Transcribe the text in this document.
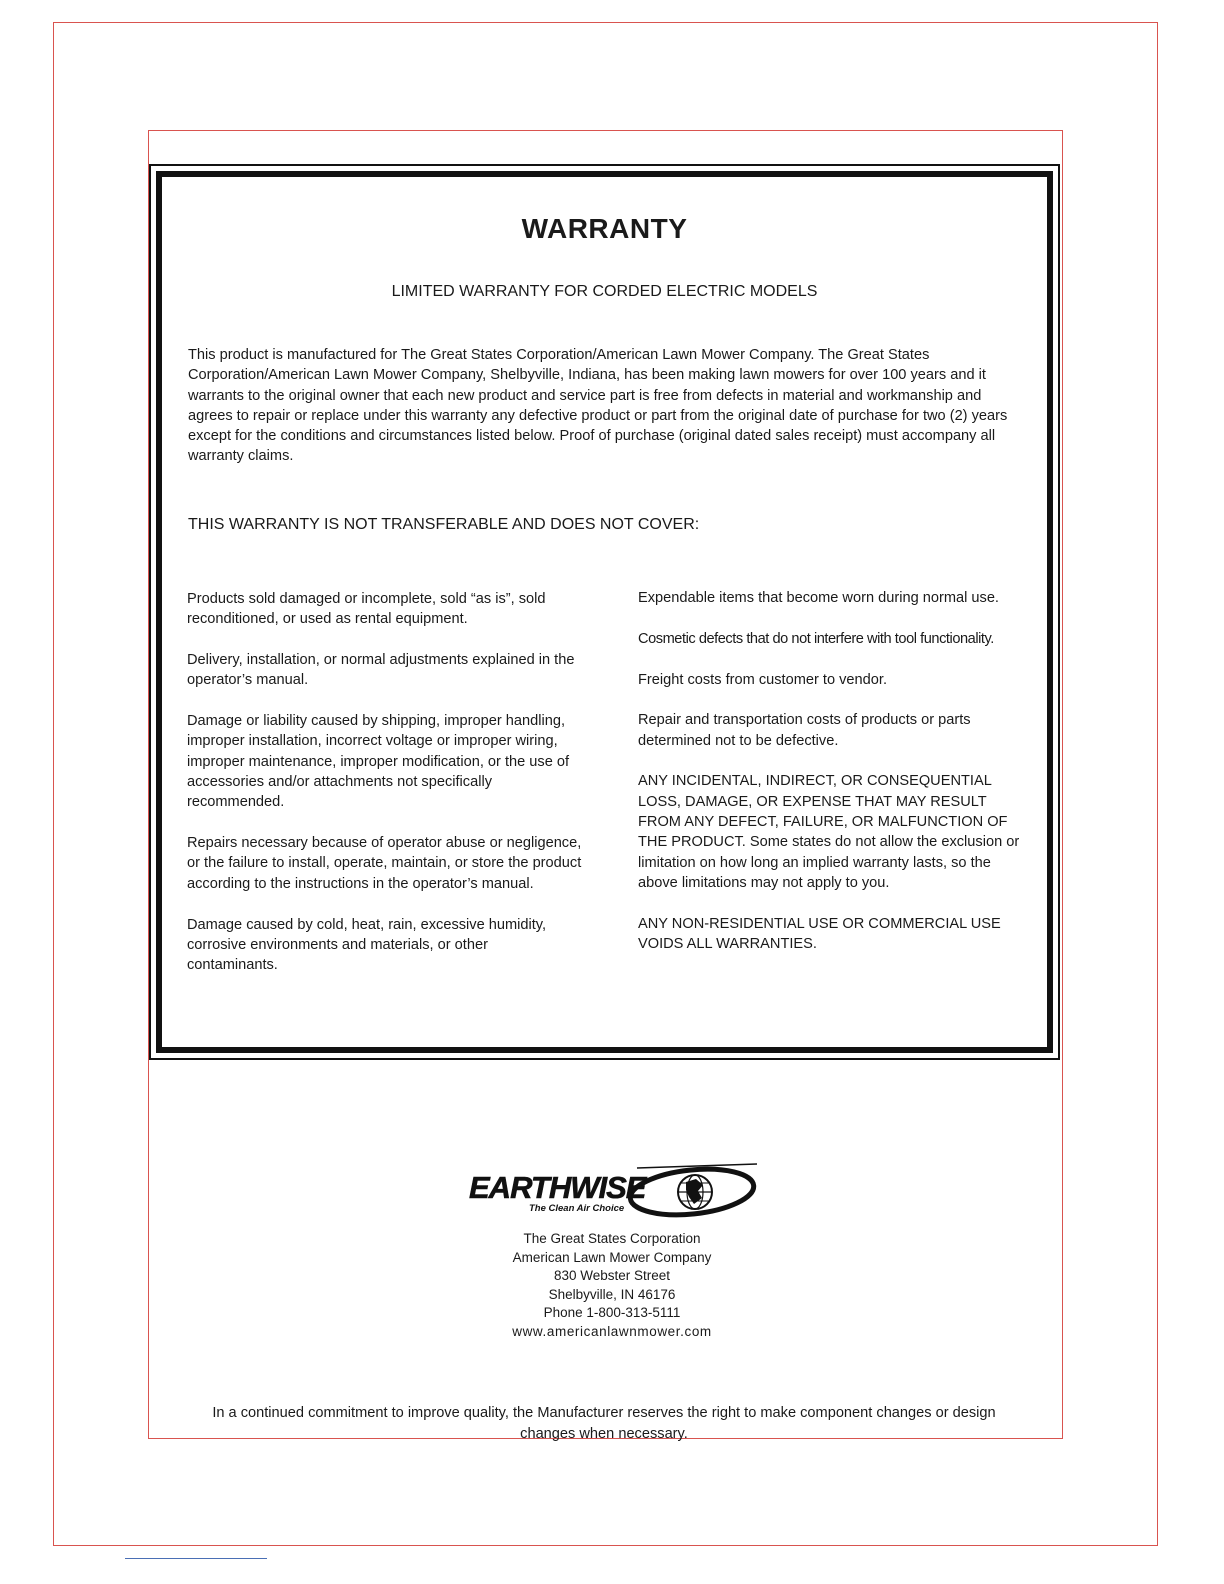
WARRANTY

LIMITED WARRANTY FOR CORDED ELECTRIC MODELS

This product is manufactured for The Great States Corporation/American Lawn Mower Company. The Great States Corporation/American Lawn Mower Company, Shelbyville, Indiana, has been making lawn mowers for over 100 years and it warrants to the original owner that each new product and service part is free from defects in material and workmanship and agrees to repair or replace under this warranty any defective product or part from the original date of purchase for two (2) years except for the conditions and circumstances listed below. Proof of purchase (original dated sales receipt) must accompany all warranty claims.

THIS WARRANTY IS NOT TRANSFERABLE AND DOES NOT COVER:

Products sold damaged or incomplete, sold “as is”, sold reconditioned, or used as rental equipment.

Delivery, installation, or normal adjustments explained in the operator’s manual.

Damage or liability caused by shipping, improper handling, improper installation, incorrect voltage or improper wiring, improper maintenance, improper modification, or the use of accessories and/or attachments not specifically recommended.

Repairs necessary because of operator abuse or negligence, or the failure to install, operate, maintain, or store the product according to the instructions in the operator’s manual.

Damage caused by cold, heat, rain, excessive humidity, corrosive environments and materials, or other contaminants.

Expendable items that become worn during normal use.

Cosmetic defects that do not interfere with tool functionality.

Freight costs from customer to vendor.

Repair and transportation costs of products or parts determined not to be defective.

ANY INCIDENTAL, INDIRECT, OR CONSEQUENTIAL LOSS, DAMAGE, OR EXPENSE THAT MAY RESULT FROM ANY DEFECT, FAILURE, OR MALFUNCTION OF THE PRODUCT. Some states do not allow the exclusion or limitation on how long an implied warranty lasts, so the above limitations may not apply to you.

ANY NON-RESIDENTIAL USE OR COMMERCIAL USE VOIDS ALL WARRANTIES.

EARTHWISE
The Clean Air Choice

The Great States Corporation

American Lawn Mower Company

830 Webster Street

Shelbyville, IN 46176

Phone 1-800-313-5111

www.americanlawnmower.com

In a continued commitment to improve quality, the Manufacturer reserves the right to make component changes or design changes when necessary.
